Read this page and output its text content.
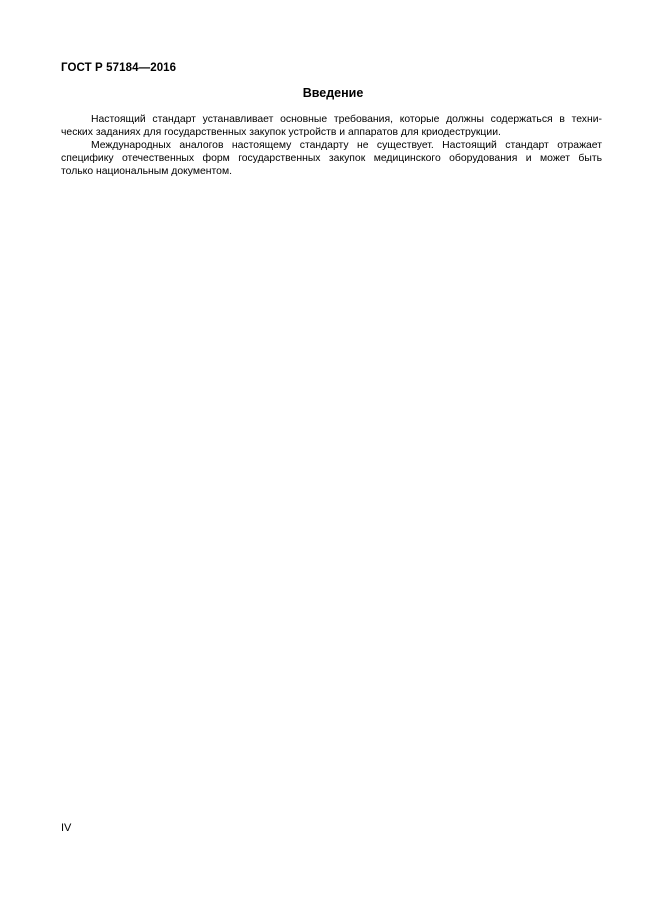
ГОСТ Р 57184—2016
Введение
Настоящий стандарт устанавливает основные требования, которые должны содержаться в техни-
ческих заданиях для государственных закупок устройств и аппаратов для криодеструкции.
Международных аналогов настоящему стандарту не существует. Настоящий стандарт отражает
специфику отечественных форм государственных закупок медицинского оборудования и может быть
только национальным документом.
IV
